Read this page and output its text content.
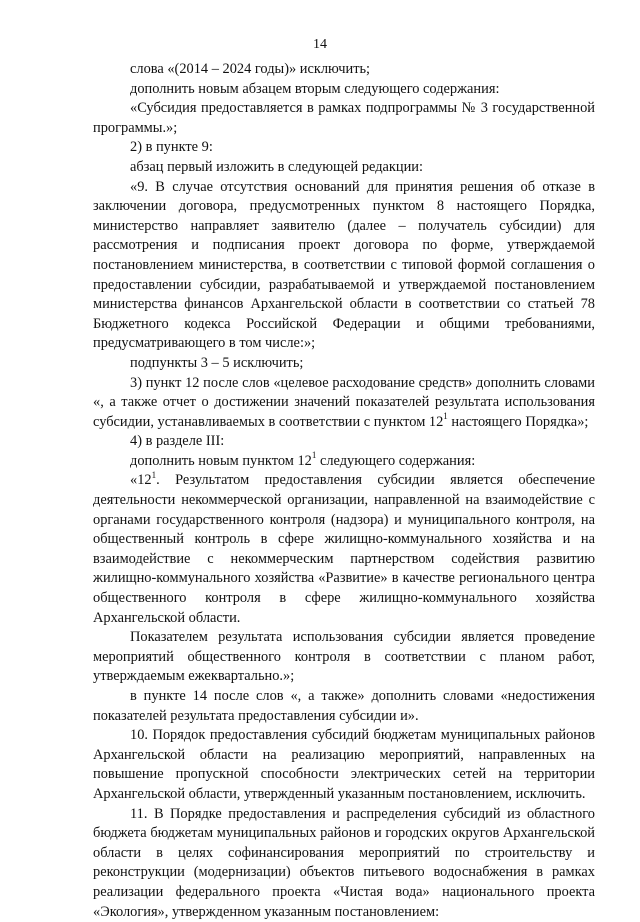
14

слова «(2014 – 2024 годы)» исключить;

дополнить новым абзацем вторым следующего содержания:

«Субсидия предоставляется в рамках подпрограммы № 3 государственной программы.»;

2) в пункте 9:

абзац первый изложить в следующей редакции:

«9. В случае отсутствия оснований для принятия решения об отказе в заключении договора, предусмотренных пунктом 8 настоящего Порядка, министерство направляет заявителю (далее – получатель субсидии) для рассмотрения и подписания проект договора по форме, утверждаемой постановлением министерства, в соответствии с типовой формой соглашения о предоставлении субсидии, разрабатываемой и утверждаемой постановлением министерства финансов Архангельской области в соответствии со статьей 78 Бюджетного кодекса Российской Федерации и общими требованиями, предусматривающего в том числе:»;

подпункты 3 – 5 исключить;

3) пункт 12 после слов «целевое расходование средств» дополнить словами «, а также отчет о достижении значений показателей результата использования субсидии, устанавливаемых в соответствии с пунктом $12^1$ настоящего Порядка»;

4) в разделе III:

дополнить новым пунктом $12^1$ следующего содержания:

«$12^1$. Результатом предоставления субсидии является обеспечение деятельности некоммерческой организации, направленной на взаимодействие с органами государственного контроля (надзора) и муниципального контроля, на общественный контроль в сфере жилищно-коммунального хозяйства и на взаимодействие с некоммерческим партнерством содействия развитию жилищно-коммунального хозяйства «Развитие» в качестве регионального центра общественного контроля в сфере жилищно-коммунального хозяйства Архангельской области.

Показателем результата использования субсидии является проведение мероприятий общественного контроля в соответствии с планом работ, утверждаемым ежеквартально.»;

в пункте 14 после слов «, а также» дополнить словами «недостижения показателей результата предоставления субсидии и».

10. Порядок предоставления субсидий бюджетам муниципальных районов Архангельской области на реализацию мероприятий, направленных на повышение пропускной способности электрических сетей на территории Архангельской области, утвержденный указанным постановлением, исключить.

11. В Порядке предоставления и распределения субсидий из областного бюджета бюджетам муниципальных районов и городских округов Архангельской области в целях софинансирования мероприятий по строительству и реконструкции (модернизации) объектов питьевого водоснабжения в рамках реализации федерального проекта «Чистая вода» национального проекта «Экология», утвержденном указанным постановлением:
